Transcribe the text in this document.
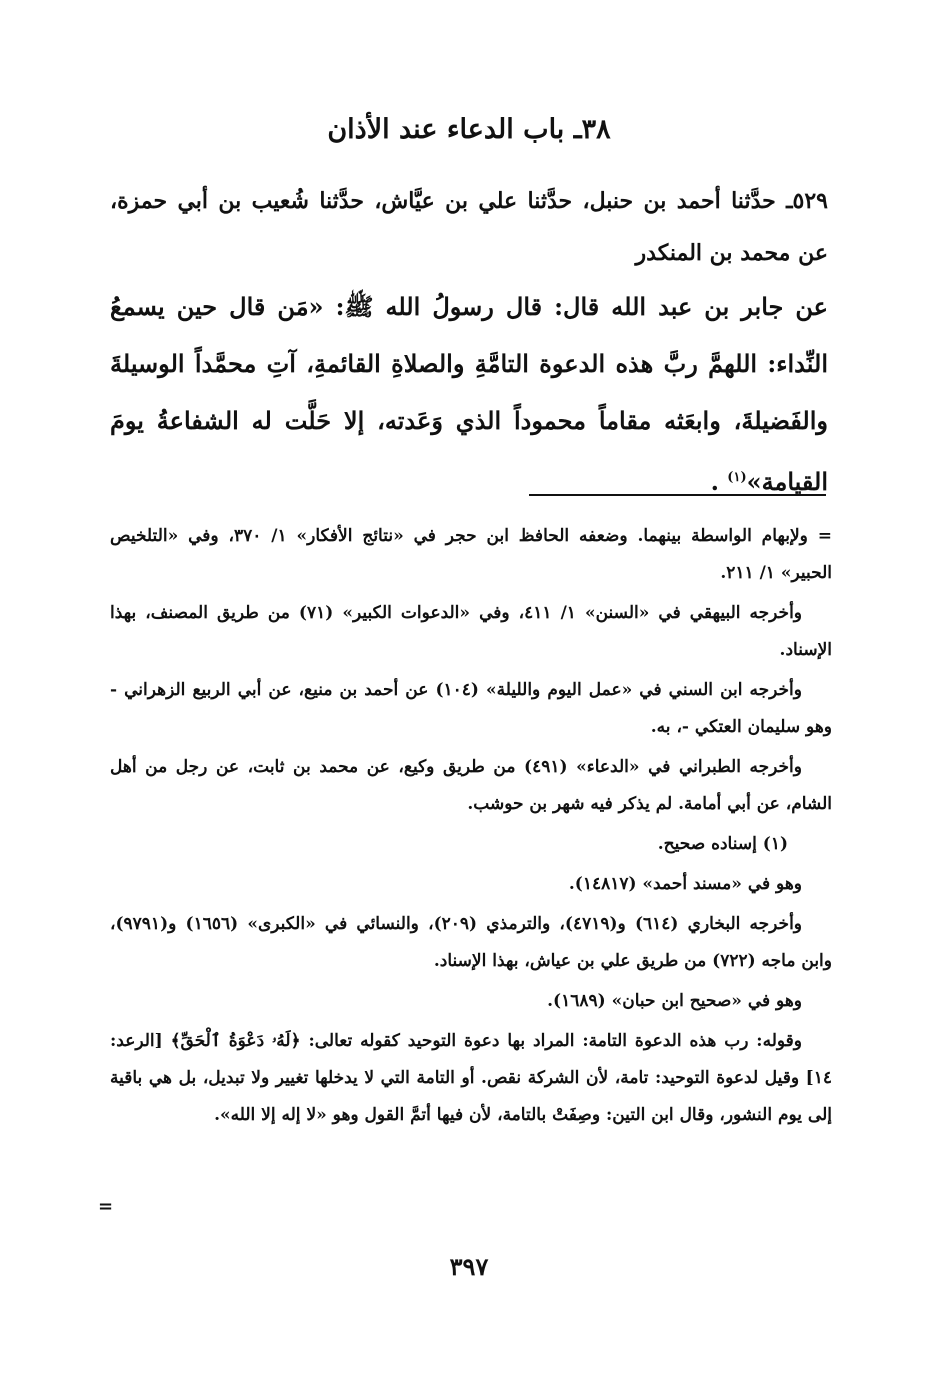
٣٨ـ باب الدعاء عند الأذان
٥٢٩ـ حدَّثنا أحمد بن حنبل، حدَّثنا علي بن عيَّاش، حدَّثنا شُعيب بن أبي حمزة، عن محمد بن المنكدر
عن جابر بن عبد الله قال: قال رسولُ الله ﷺ: «مَن قال حين يسمعُ النِّداء: اللهمَّ ربَّ هذه الدعوة التامَّةِ والصلاةِ القائمةِ، آتِ محمَّداً الوسيلةَ والفَضيلةَ، وابعَثه مقاماً محموداً الذي وَعَدته، إلا حَلَّت له الشفاعةُ يومَ القيامة»$^{(١)}$ .

= ولإبهام الواسطة بينهما. وضعفه الحافظ ابن حجر في «نتائج الأفكار» ١/ ٣٧٠، وفي «التلخيص الحبير» ١/ ٢١١.

وأخرجه البيهقي في «السنن» ١/ ٤١١، وفي «الدعوات الكبير» (٧١) من طريق المصنف، بهذا الإسناد.

وأخرجه ابن السني في «عمل اليوم والليلة» (١٠٤) عن أحمد بن منيع، عن أبي الربيع الزهراني - وهو سليمان العتكي -، به.

وأخرجه الطبراني في «الدعاء» (٤٩١) من طريق وكيع، عن محمد بن ثابت، عن رجل من أهل الشام، عن أبي أمامة. لم يذكر فيه شهر بن حوشب.

(١) إسناده صحيح.

وهو في «مسند أحمد» (١٤٨١٧).

وأخرجه البخاري (٦١٤) و(٤٧١٩)، والترمذي (٢٠٩)، والنسائي في «الكبرى» (١٦٥٦) و(٩٧٩١)، وابن ماجه (٧٢٢) من طريق علي بن عياش، بهذا الإسناد.

وهو في «صحيح ابن حبان» (١٦٨٩).

وقوله: رب هذه الدعوة التامة: المراد بها دعوة التوحيد كقوله تعالى: ﴿لَهُۥ دَعْوَةُ ٱلْحَقِّ﴾ [الرعد: ١٤] وقيل لدعوة التوحيد: تامة، لأن الشركة نقص. أو التامة التي لا يدخلها تغيير ولا تبديل، بل هي باقية إلى يوم النشور، وقال ابن التين: وصِفَتْ بالتامة، لأن فيها أتمَّ القول وهو «لا إله إلا الله».

=
٣٩٧
